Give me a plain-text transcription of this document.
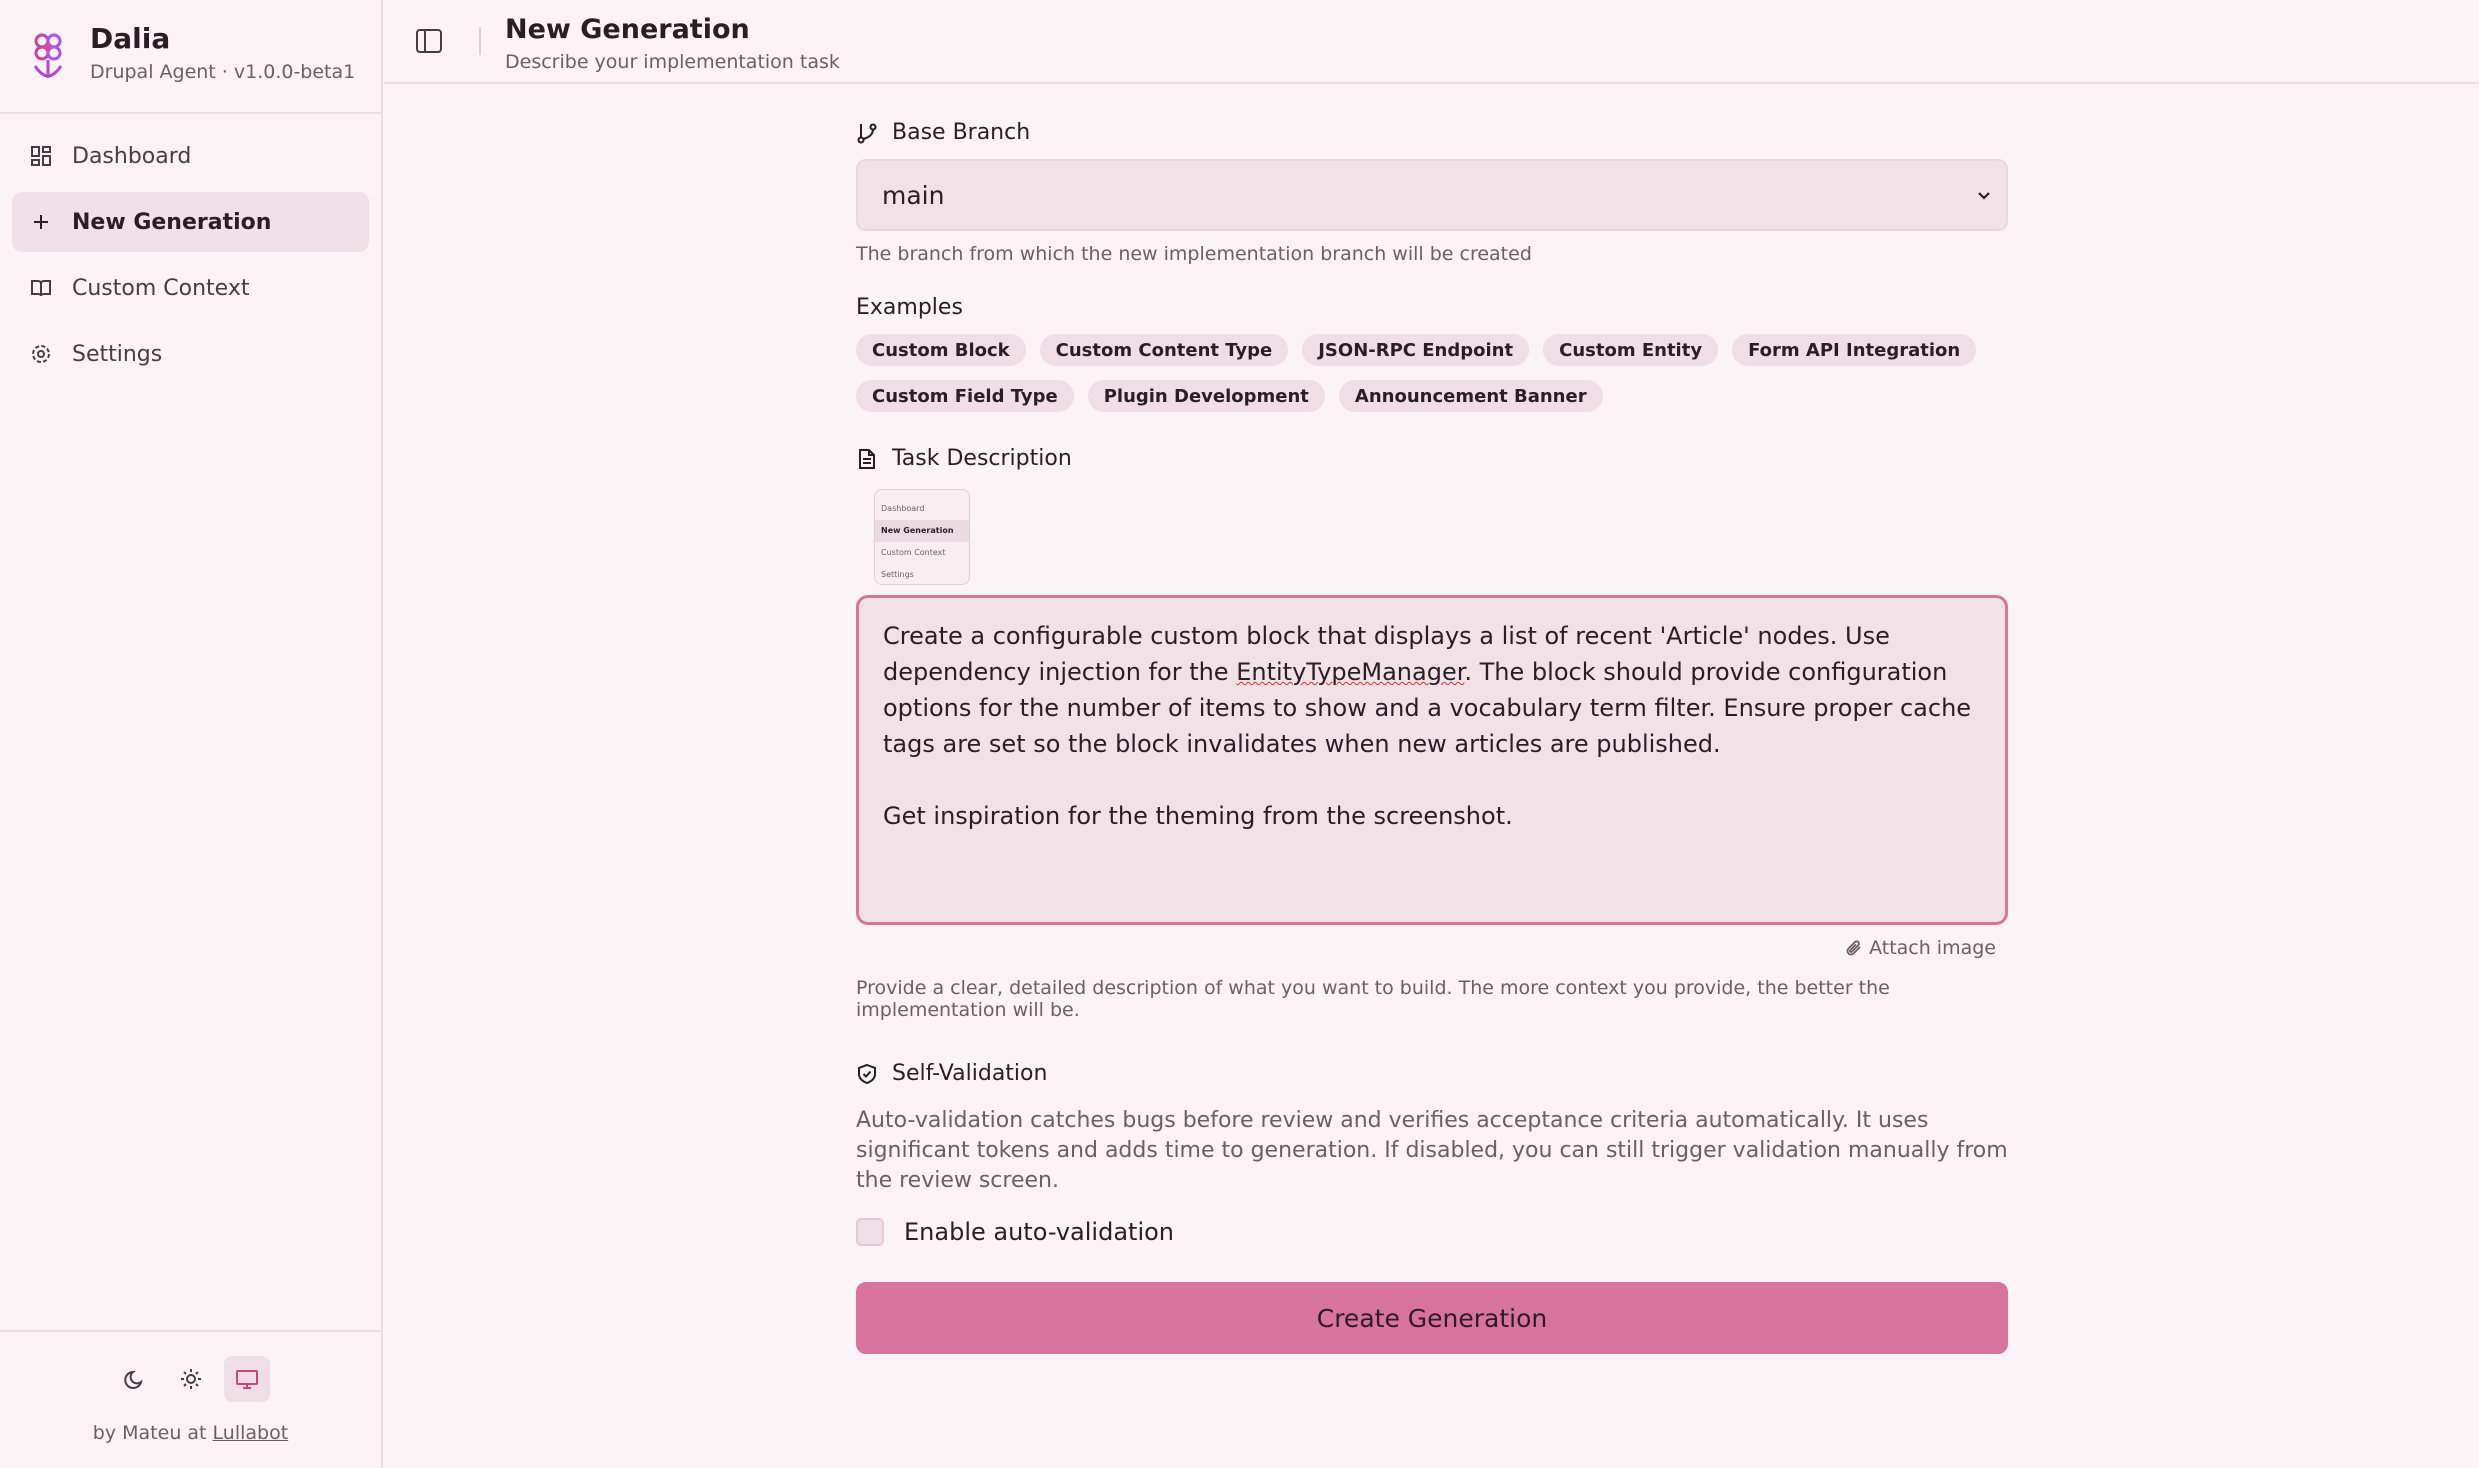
Dalia
Drupal Agent · v1.0.0-beta1
Dashboard
New Generation
Custom Context
Settings
by Mateu at Lullabot
New Generation
Describe your implementation task
Base Branch
main
The branch from which the new implementation branch will be created
Examples
Custom Block	Custom Content Type	JSON-RPC Endpoint	Custom Entity	Form API Integration
Custom Field Type	Plugin Development	Announcement Banner
Task Description
Dashboard
New Generation
Custom Context
Settings
Create a configurable custom block that displays a list of recent 'Article' nodes. Use dependency injection for the EntityTypeManager. The block should provide configuration options for the number of items to show and a vocabulary term filter. Ensure proper cache tags are set so the block invalidates when new articles are published.

Get inspiration for the theming from the screenshot.
Attach image
Provide a clear, detailed description of what you want to build. The more context you provide, the better the implementation will be.
Self-Validation
Auto-validation catches bugs before review and verifies acceptance criteria automatically. It uses significant tokens and adds time to generation. If disabled, you can still trigger validation manually from the review screen.
Enable auto-validation
Create Generation
